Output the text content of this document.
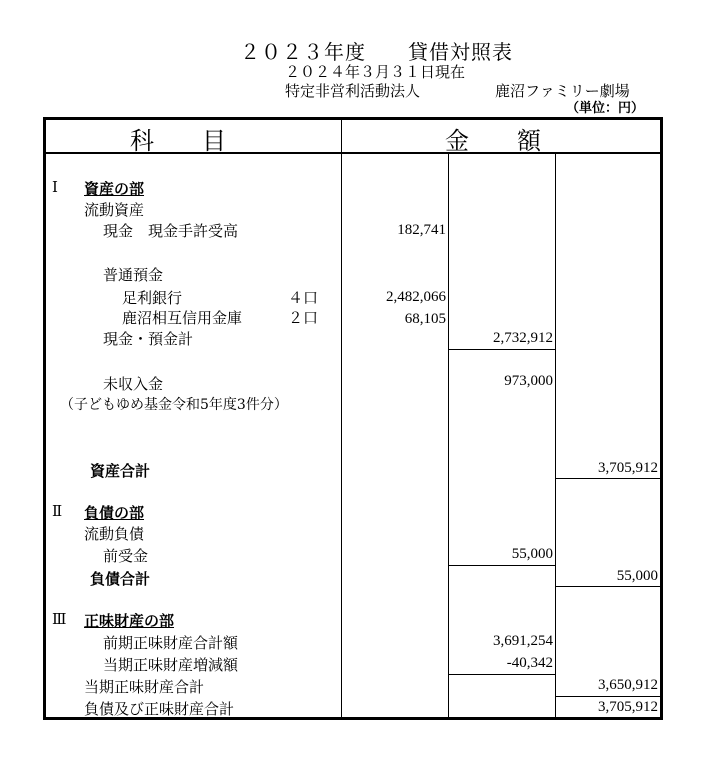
２０２３年度　　貸借対照表
２０２４年３月３１日現在
特定非営利活動法人	鹿沼ファミリー劇場
（単位：円）
科　　目	金　　額
Ⅰ 資産の部
流動資産
現金　現金手許受高	182,741
普通預金
足利銀行	４口	2,482,066
鹿沼相互信用金庫	２口	68,105
現金・預金計	2,732,912
未収入金	973,000
（子どもゆめ基金令和5年度3件分）
資産合計	3,705,912
Ⅱ 負債の部
流動負債
前受金	55,000
負債合計	55,000
Ⅲ 正味財産の部
前期正味財産合計額	3,691,254
当期正味財産増減額	-40,342
当期正味財産合計	3,650,912
負債及び正味財産合計	3,705,912
